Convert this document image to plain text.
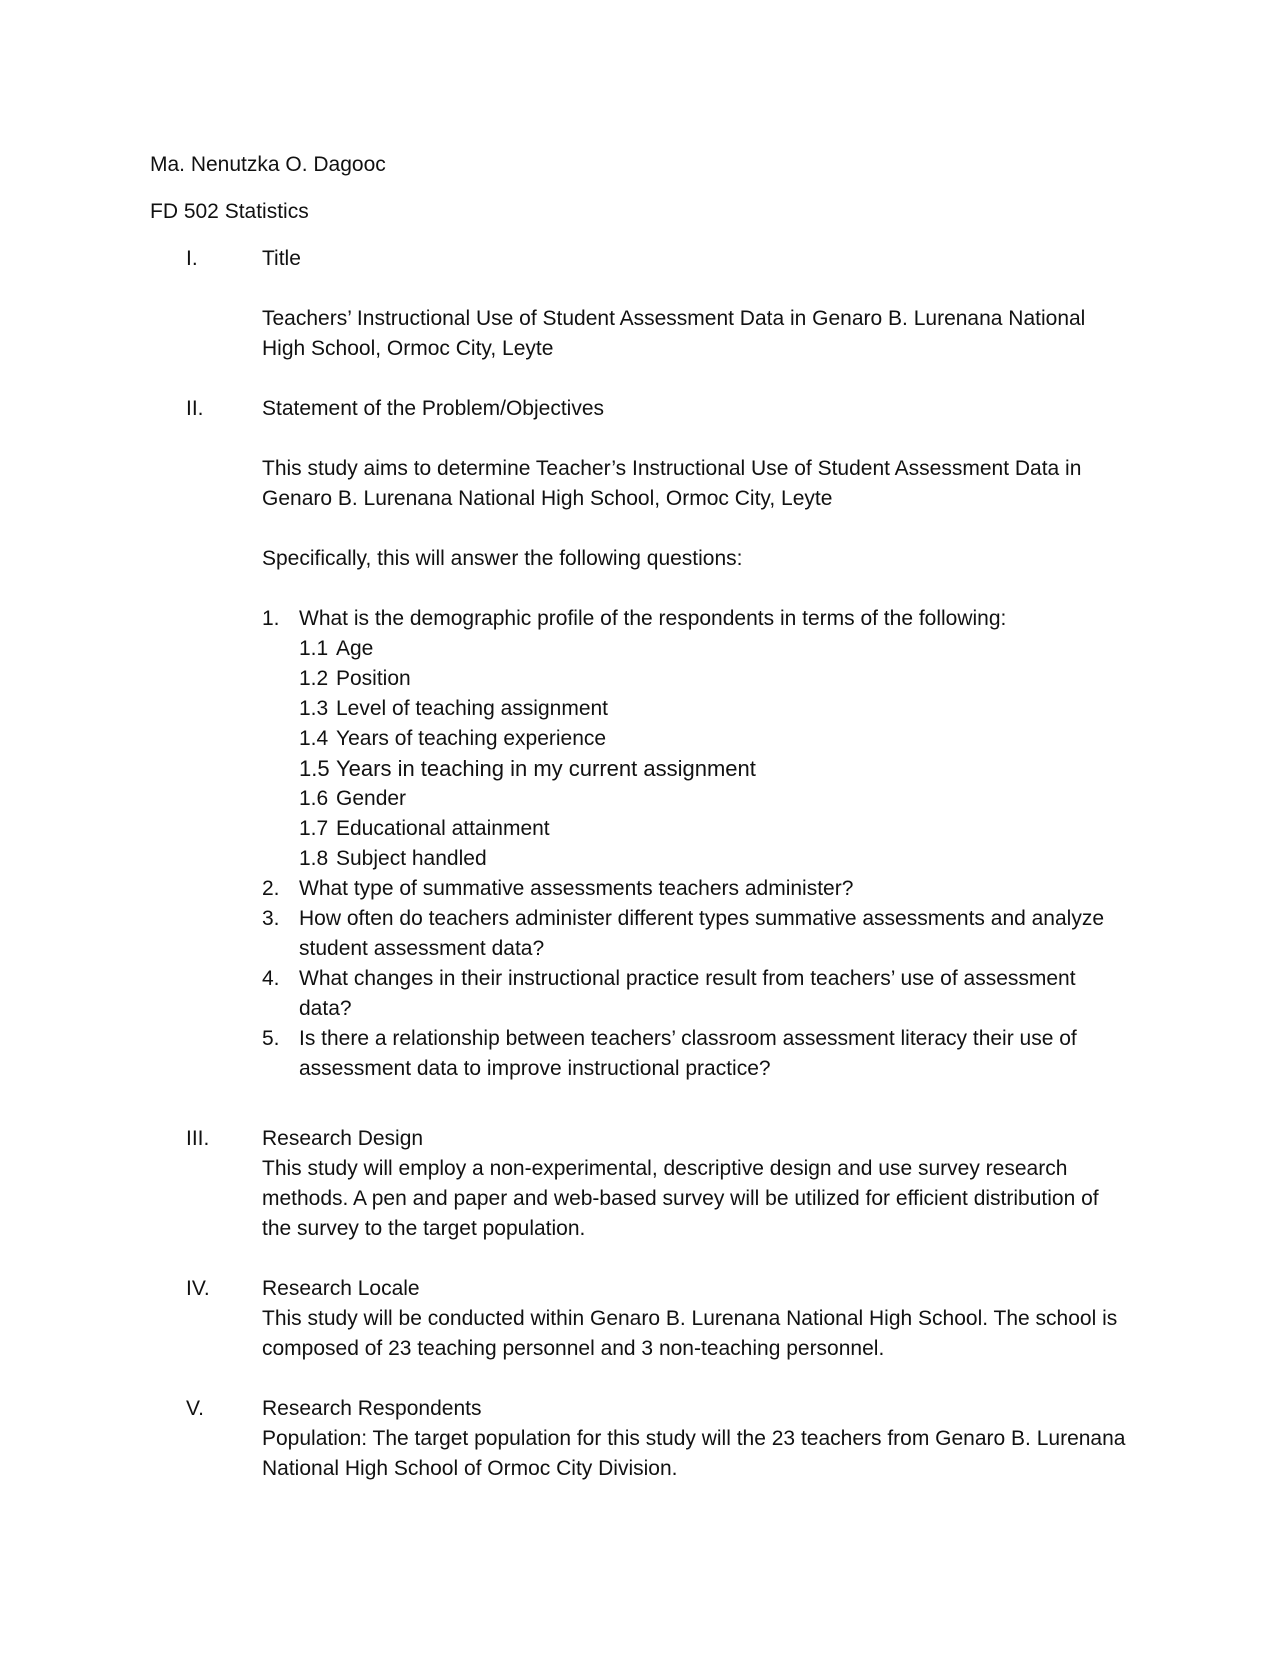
Ma. Nenutzka O. Dagooc
FD 502 Statistics
I.	Title

Teachers’ Instructional Use of Student Assessment Data in Genaro B. Lurenana National High School, Ormoc City, Leyte

II.	Statement of the Problem/Objectives

This study aims to determine Teacher’s Instructional Use of Student Assessment Data in Genaro B. Lurenana National High School, Ormoc City, Leyte

Specifically, this will answer the following questions:

1. What is the demographic profile of the respondents in terms of the following:
1.1 Age
1.2 Position
1.3 Level of teaching assignment
1.4 Years of teaching experience
1.5 Years in teaching in my current assignment
1.6 Gender
1.7 Educational attainment
1.8 Subject handled
2. What type of summative assessments teachers administer?
3. How often do teachers administer different types summative assessments and analyze student assessment data?
4. What changes in their instructional practice result from teachers’ use of assessment data?
5. Is there a relationship between teachers’ classroom assessment literacy their use of assessment data to improve instructional practice?
III.	Research Design

This study will employ a non-experimental, descriptive design and use survey research methods. A pen and paper and web-based survey will be utilized for efficient distribution of the survey to the target population.

IV. Research Locale

This study will be conducted within Genaro B. Lurenana National High School. The school is composed of 23 teaching personnel and 3 non-teaching personnel.

V.	Research Respondents

Population: The target population for this study will the 23 teachers from Genaro B. Lurenana National High School of Ormoc City Division.
